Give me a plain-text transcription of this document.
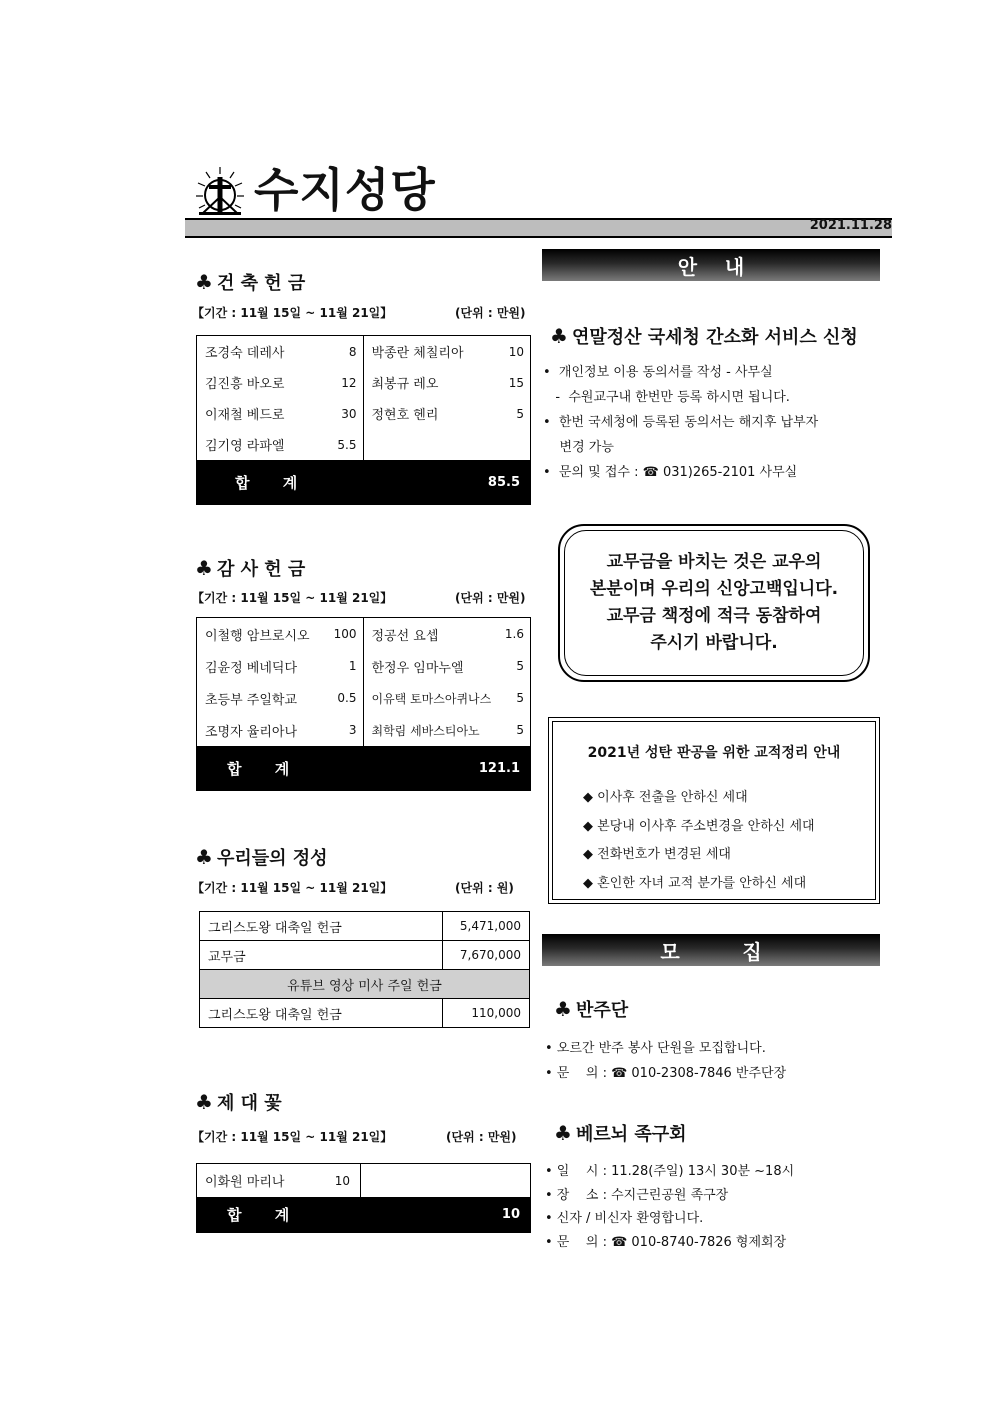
수지성당
2021.11.28
♣ 건 축 헌 금
【기간 : 11월 15일 ~ 11월 21일】	(단위 : 만원)
조경숙 데레사	8 박종란 체칠리아	10
김진흥 바오로	12 최봉규 레오	15
이재철 베드로	30 정현호 헨리	5
김기영 라파엘	5.5
합 계	85.5
♣ 감 사 헌 금
【기간 : 11월 15일 ~ 11월 21일】	(단위 : 만원)
이철행 암브로시오 100 정공선 요셉	1.6
김윤정 베네딕다	1 한정우 임마누엘	5
초등부 주일학교	0.5 이유택 토마스아퀴나스 5
조명자 율리아나	3 최학림 세바스티아노	5
합 계	121.1
♣ 우리들의 정성
【기간 : 11월 15일 ~ 11월 21일】	(단위 : 원)
그리스도왕 대축일 헌금	5,471,000
교무금	7,670,000
유튜브 영상 미사 주일 헌금	
그리스도왕 대축일 헌금	110,000
♣ 제 대 꽃
【기간 : 11월 15일 ~ 11월 21일】	(단위 : 만원)
이화원 마리나	10
합 계	10
안    내
♣ 연말정산 국세청 간소화 서비스 신청
•  개인정보 이용 동의서를 작성 - 사무실
-  수원교구내 한번만 등록 하시면 됩니다.
•  한번 국세청에 등록된 동의서는 해지후 납부자
변경 가능
•  문의 및 접수 : ☎ 031)265-2101 사무실
교무금을 바치는 것은 교우의
본분이며 우리의 신앙고백입니다.
교무금 책정에 적극 동참하여
주시기 바랍니다.
2021년 성탄 판공을 위한 교적정리 안내
◆ 이사후 전출을 안하신 세대
◆ 본당내 이사후 주소변경을 안하신 세대
◆ 전화번호가 변경된 세대
◆ 혼인한 자녀 교적 분가를 안하신 세대
모         집
♣ 반주단
• 오르간 반주 봉사 단원을 모집합니다.
• 문    의 : ☎ 010-2308-7846 반주단장
♣ 베르뇌 족구회
• 일    시 : 11.28(주일) 13시 30분 ~18시
• 장    소 : 수지근린공원 족구장
• 신자 / 비신자 환영합니다.
• 문    의 : ☎ 010-8740-7826 형제회장
